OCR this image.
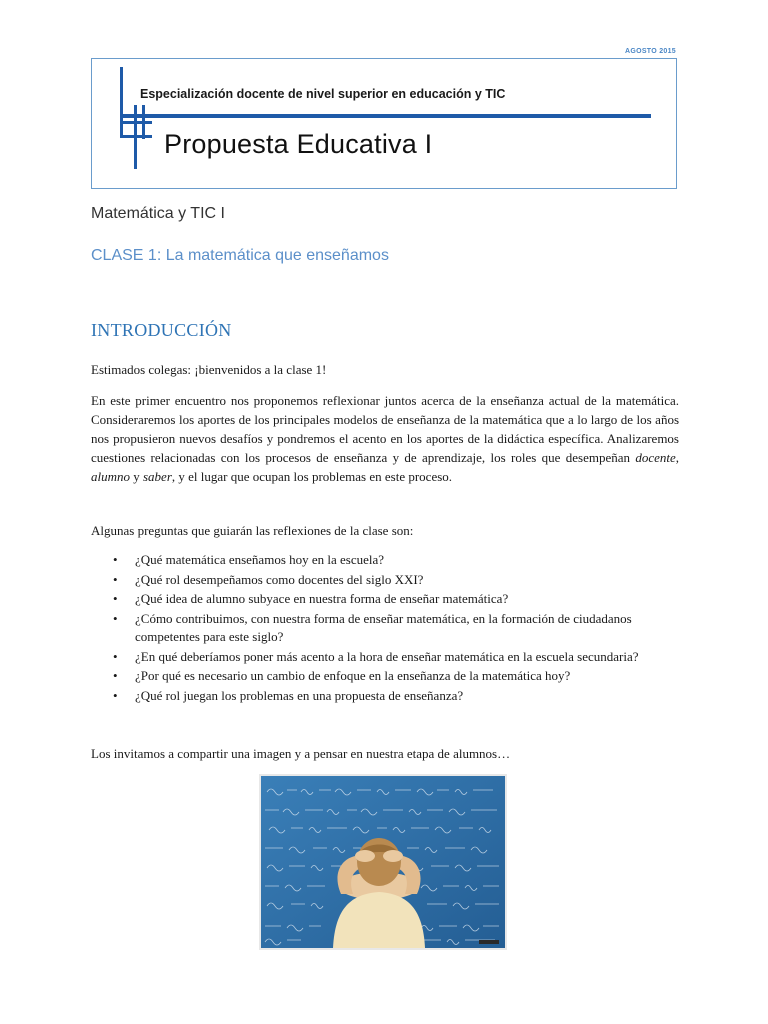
AGOSTO 2015
Especialización docente de nivel superior en educación y TIC
Propuesta Educativa I
Matemática y TIC I
CLASE 1: La matemática que enseñamos
INTRODUCCIÓN
Estimados colegas: ¡bienvenidos a la clase 1!
En este primer encuentro nos proponemos reflexionar juntos acerca de la enseñanza actual de la matemática. Consideraremos los aportes de los principales modelos de enseñanza de la matemática que a lo largo de los años nos propusieron nuevos desafíos y pondremos el acento en los aportes de la didáctica específica. Analizaremos cuestiones relacionadas con los procesos de enseñanza y de aprendizaje, los roles que desempeñan docente, alumno y saber, y el lugar que ocupan los problemas en este proceso.
Algunas preguntas que guiarán las reflexiones de la clase son:
• ¿Qué matemática enseñamos hoy en la escuela?
• ¿Qué rol desempeñamos como docentes del siglo XXI?
• ¿Qué idea de alumno subyace en nuestra forma de enseñar matemática?
• ¿Cómo contribuimos, con nuestra forma de enseñar matemática, en la formación de ciudadanos competentes para este siglo?
• ¿En qué deberíamos poner más acento a la hora de enseñar matemática en la escuela secundaria?
• ¿Por qué es necesario un cambio de enfoque en la enseñanza de la matemática hoy?
• ¿Qué rol juegan los problemas en una propuesta de enseñanza?
Los invitamos a compartir una imagen y a pensar en nuestra etapa de alumnos…
